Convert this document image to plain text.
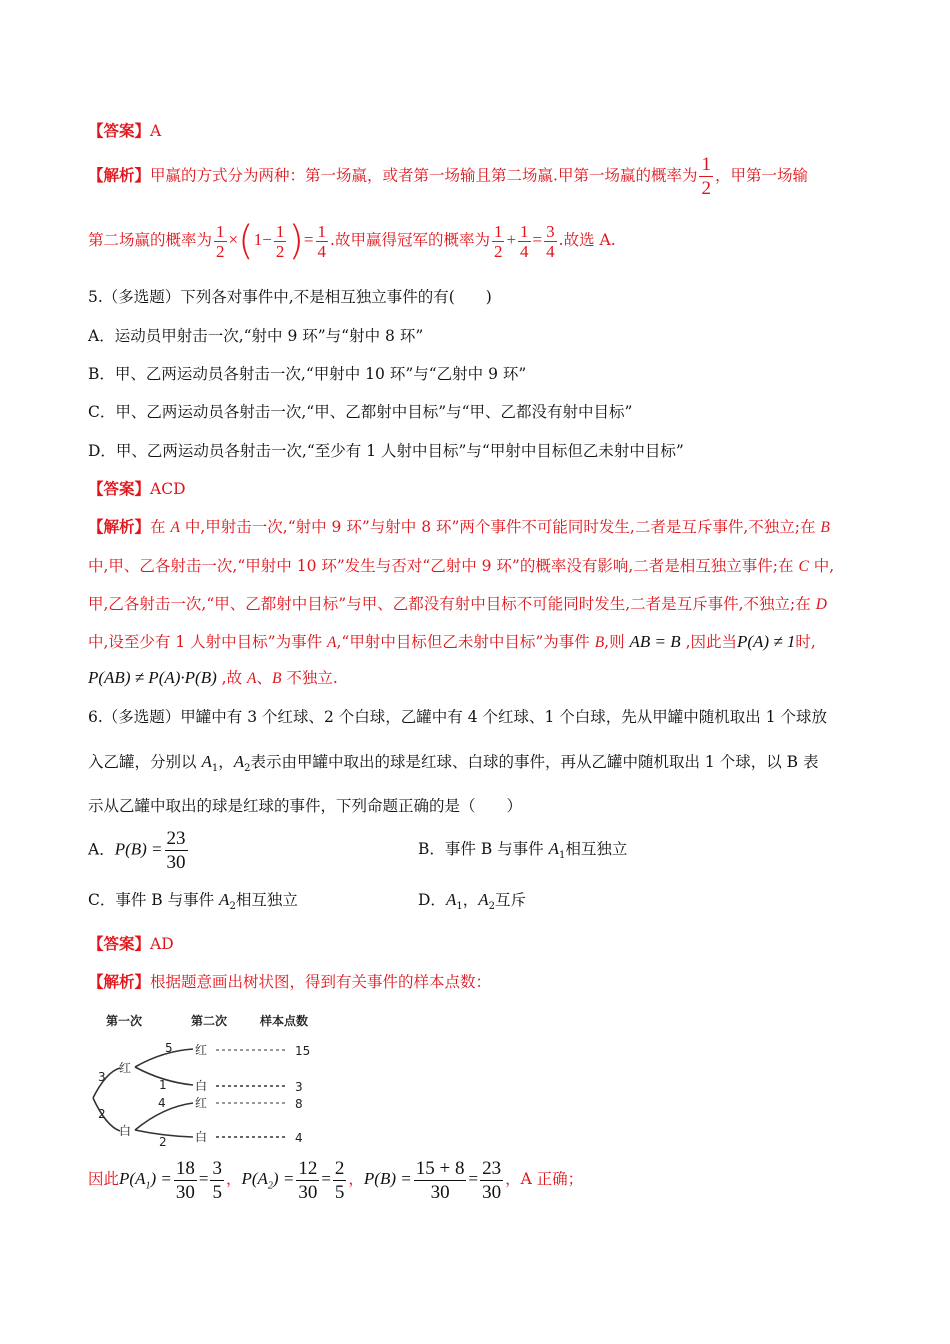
【答案】A
【解析】甲赢的方式分为两种：第一场赢，或者第一场输且第二场赢.甲第一场赢的概率为 $\frac{1}{2}$ ，甲第一场输
第二场赢的概率为 $\frac{1}{2} \times(1- \frac{1}{2}$ )= $\frac{1}{4}$ .故甲赢得冠军的概率为 $\frac{1}{2} + \frac{1}{4} = \frac{3}{4}$ .故选 A.
5.（多选题）下列各对事件中,不是相互独立事件的有(　　)
A．运动员甲射击一次,“射中 9 环”与“射中 8 环”
B．甲、乙两运动员各射击一次,“甲射中 10 环”与“乙射中 9 环”
C．甲、乙两运动员各射击一次,“甲、乙都射中目标”与“甲、乙都没有射中目标”
D．甲、乙两运动员各射击一次,“至少有 1 人射中目标”与“甲射中目标但乙未射中目标”
【答案】ACD
【解析】在 A 中,甲射击一次,“射中 9 环”与射中 8 环”两个事件不可能同时发生,二者是互斥事件,不独立;在 B
中,甲、乙各射击一次,“甲射中 10 环”发生与否对“乙射中 9 环”的概率没有影响,二者是相互独立事件;在 C 中,
甲,乙各射击一次,“甲、乙都射中目标”与甲、乙都没有射中目标不可能同时发生,二者是互斥事件,不独立;在 D
中,设至少有 1 人射中目标”为事件 A,“甲射中目标但乙未射中目标”为事件 B,则 AB = B ,因此当P(A) ≠ 1时,
P(AB) ≠ P(A)·P(B) ,故 A、B 不独立.
6.（多选题）甲罐中有 3 个红球、2 个白球，乙罐中有 4 个红球、1 个白球，先从甲罐中随机取出 1 个球放
入乙罐，分别以 $A_1$，$A_2$表示由甲罐中取出的球是红球、白球的事件，再从乙罐中随机取出 1 个球，以 B 表
示从乙罐中取出的球是红球的事件，下列命题正确的是（　　）
A．$P(B) = \frac{23}{30}$	B．事件 B 与事件 $A_1$相互独立
C．事件 B 与事件 $A_2$相互独立	D．$A_1$，$A_2$互斥
【答案】AD
【解析】根据题意画出树状图，得到有关事件的样本点数：
第一次	第二次	样本点数
3
2
红
白
5
1
4
2
红
白
红
白
15
3
8
4
因此$P(A_1) = \frac{18}{30} = \frac{3}{5}$ ，$P(A_2) = \frac{12}{30} = \frac{2}{5}$ ，$P(B) = \frac{15 + 8}{30} = \frac{23}{30}$ ，A 正确；
